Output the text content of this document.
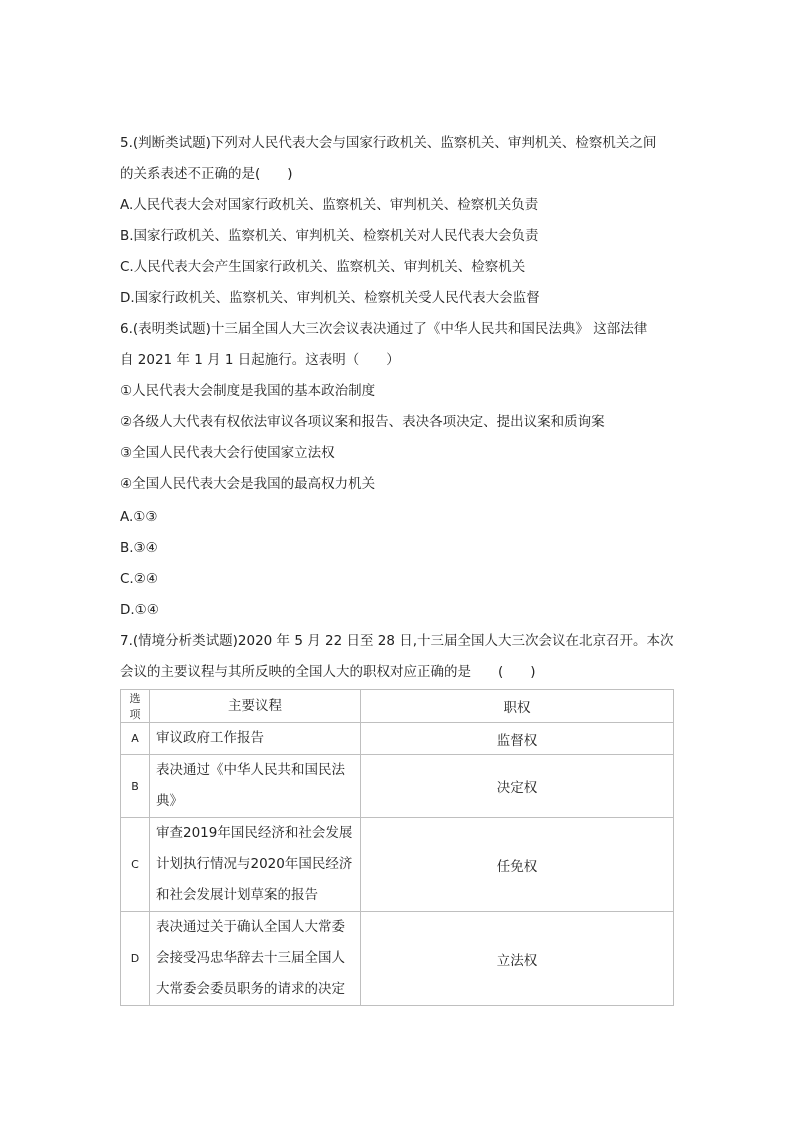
5.(判断类试题)下列对人民代表大会与国家行政机关、监察机关、审判机关、检察机关之间
的关系表述不正确的是(　　)
A.人民代表大会对国家行政机关、监察机关、审判机关、检察机关负责
B.国家行政机关、监察机关、审判机关、检察机关对人民代表大会负责
C.人民代表大会产生国家行政机关、监察机关、审判机关、检察机关
D.国家行政机关、监察机关、审判机关、检察机关受人民代表大会监督
6.(表明类试题)十三届全国人大三次会议表决通过了《中华人民共和国民法典》 这部法律
自 2021 年 1 月 1 日起施行。这表明（　　）
①人民代表大会制度是我国的基本政治制度
②各级人大代表有权依法审议各项议案和报告、表决各项决定、提出议案和质询案
③全国人民代表大会行使国家立法权
④全国人民代表大会是我国的最高权力机关
A.①③
B.③④
C.②④
D.①④
7.(情境分析类试题)2020 年 5 月 22 日至 28 日,十三届全国人大三次会议在北京召开。本次
会议的主要议程与其所反映的全国人大的职权对应正确的是　　(　　)
选项	主要议程	职权
A	审议政府工作报告	监督权
B	表决通过《中华人民共和国民法
典》	决定权
C	审查2019年国民经济和社会发展
计划执行情况与2020年国民经济
和社会发展计划草案的报告	任免权
D	表决通过关于确认全国人大常委
会接受冯忠华辞去十三届全国人
大常委会委员职务的请求的决定	立法权
